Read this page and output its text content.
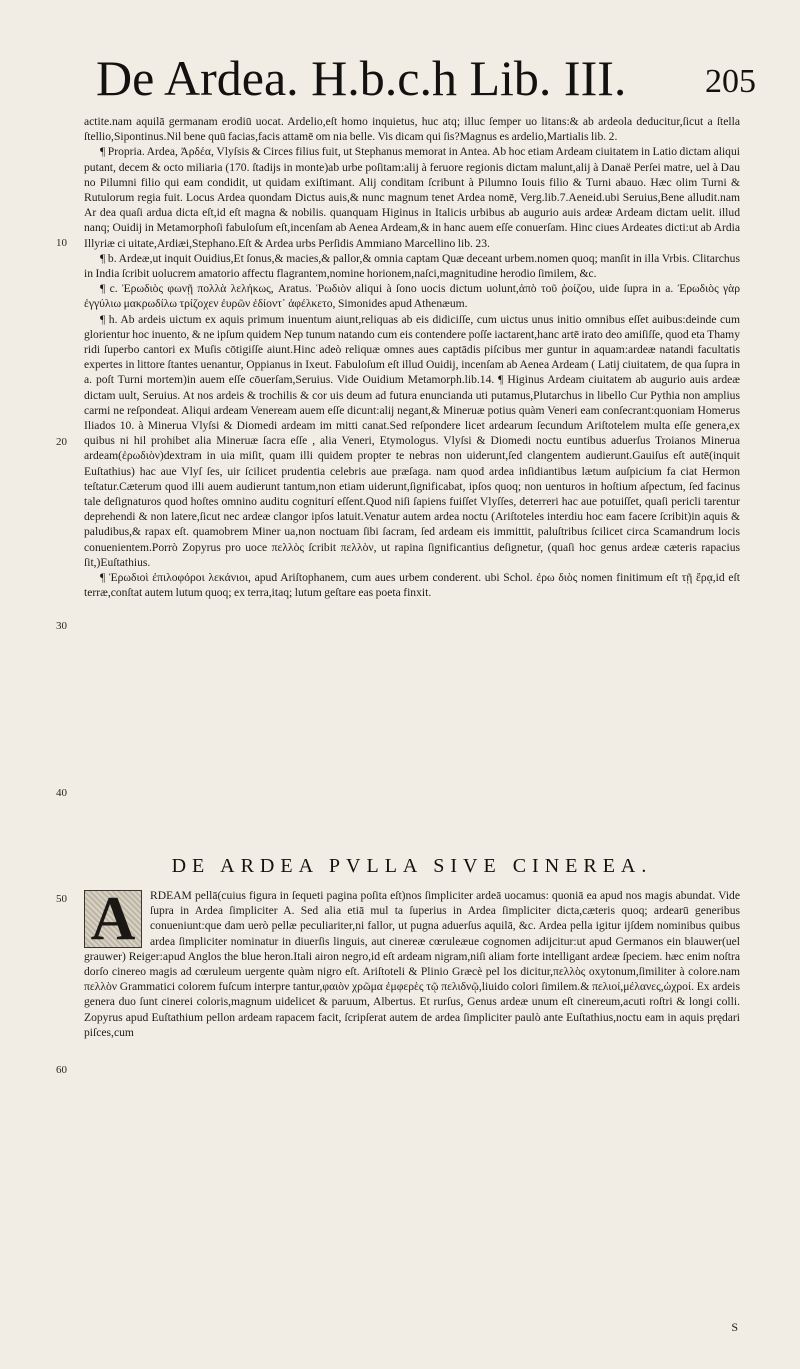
De Ardea. H.b.c.h Lib. III. 205
10
20
30
40
50
60

actite.nam aquilā germanam erodiū uocat. Ardelio,eſt homo inquietus, huc atq; illuc ſemper uo litans:& ab ardeola deducitur,ſicut a ſtella ſtellio,Sipontinus.Nil bene quū facias,facis attamē om nia belle. Vis dicam qui ſis?Magnus es ardelio,Martialis lib. 2.

¶ Propria. Ardea, Ἀρδέα, Vlyſsis & Circes filius fuit, ut Stephanus memorat in Antea. Ab hoc etiam Ardeam ciuitatem in Latio dictam aliqui putant, decem & octo miliaria (170. ſtadijs in monte)ab urbe poſitam:alij à feruore regionis dictam malunt,alij à Danaë Perſei matre, uel à Dau no Pilumni filio qui eam condidit, ut quidam exiſtimant. Alij conditam ſcribunt à Pilumno Iouis filio & Turni abauo. Hæc olim Turni & Rutulorum regia fuit. Locus Ardea quondam Dictus auis,& nunc magnum tenet Ardea nomē, Verg.lib.7.Aeneid.ubi Seruius,Bene alludit.nam Ar dea quaſi ardua dicta eſt,id eſt magna & nobilis. quanquam Higinus in Italicis urbibus ab augurio auis ardeæ Ardeam dictam uelit. illud nanq; Ouidij in Metamorphoſi fabuloſum eſt,incenſam ab Aenea Ardeam,& in hanc auem eſſe conuerſam. Hinc ciues Ardeates dicti:ut ab Ardia Illyriæ ci uitate,Ardiæi,Stephano.Eſt & Ardea urbs Perſidis Ammiano Marcellino lib. 23.

¶ b. Ardeæ,ut inquit Ouidius,Et ſonus,& macies,& pallor,& omnia captam Quæ deceant urbem.nomen quoq; manſit in illa Vrbis. Clitarchus in India ſcribit uolucrem amatorio affectu flagrantem,nomine horionem,naſci,magnitudine herodio ſimilem, &c.

¶ c. Ἐρωδιὸς φωνῇ πολλὰ λελήκως, Aratus. Ῥωδιὸν aliqui à ſono uocis dictum uolunt,ἀπὸ τοῦ ῥοίζου, uide ſupra in a. Ἐρωδιὸς γὰρ ἐγγύλιω μακρωδίλω τρίζοχεν ἐυρῶν ἐδίοντ᾽ ἀφέλκετο, Simonides apud Athenæum.

¶ h. Ab ardeis uictum ex aquis primum inuentum aiunt,reliquas ab eis didiciſſe, cum uictus unus initio omnibus eſſet auibus:deinde cum glorientur hoc inuento, & ne ipſum quidem Nep tunum natando cum eis contendere poſſe iactarent,hanc artē irato deo amiſiſſe, quod eta Thamy ridi ſuperbo cantori ex Muſis cōtigiſſe aiunt.Hinc adeò reliquæ omnes aues captādis piſcibus mer guntur in aquam:ardeæ natandi facultatis expertes in littore ſtantes uenantur, Oppianus in Ixeut. Fabuloſum eſt illud Ouidij, incenſam ab Aenea Ardeam ( Latij ciuitatem, de qua ſupra in a. poſt Turni mortem)in auem eſſe cōuerſam,Seruius. Vide Ouidium Metamorph.lib.14. ¶ Higinus Ardeam ciuitatem ab augurio auis ardeæ dictam uult, Seruius. At nos ardeis & trochilis & cor uis deum ad futura enuncianda uti putamus,Plutarchus in libello Cur Pythia non amplius carmi ne reſpondeat. Aliqui ardeam Veneream auem eſſe dicunt:alij negant,& Mineruæ potius quàm Veneri eam conſecrant:quoniam Homerus Iliados 10. à Minerua Vlyſsi & Diomedi ardeam im mitti canat.Sed reſpondere licet ardearum ſecundum Ariſtotelem multa eſſe genera,ex quibus ni hil prohibet alia Mineruæ ſacra eſſe , alia Veneri, Etymologus. Vlyſsi & Diomedi noctu euntibus aduerſus Troianos Minerua ardeam(ἐρωδιὸν)dextram in uia miſit, quam illi quidem propter te nebras non uiderunt,ſed clangentem audierunt.Gauiſus eſt autē(inquit Euſtathius) hac aue Vlyſ ſes, uir ſcilicet prudentia celebris aue præſaga. nam quod ardea inſidiantibus lætum auſpicium fa ciat Hermon teſtatur.Cæterum quod illi auem audierunt tantum,non etiam uiderunt,ſignificabat, ipſos quoq; non uenturos in hoſtium aſpectum, ſed facinus tale deſignaturos quod hoſtes omnino auditu cogniturí eſſent.Quod niſi ſapiens fuiſſet Vlyſſes, deterreri hac aue potuiſſet, quaſi pericli tarentur deprehendi & non latere,ſicut nec ardeæ clangor ipſos latuit.Venatur autem ardea noctu (Ariſtoteles interdiu hoc eam facere ſcribit)in aquis & paludibus,& rapax eſt. quamobrem Miner ua,non noctuam ſibi ſacram, ſed ardeam eis immittit, paluſtribus ſcilicet circa Scamandrum locis conuenientem.Porrò Zopyrus pro uoce πελλὸς ſcribit πελλὸν, ut rapina ſignificantius deſignetur, (quaſi hoc genus ardeæ cæteris rapacius ſit,)Euſtathius.

¶ Ἐρωδιοὶ ἐπιλοφόροι λεκάνιοι, apud Ariſtophanem, cum aues urbem conderent. ubi Schol. ἐρω διὸς nomen finitimum eſt τῇ ἔρᾳ,id eſt terræ,conſtat autem lutum quoq; ex terra,itaq; lutum geſtare eas poeta finxit.

DE ARDEA PVLLA SIVE CINEREA.
A	RDEAM pellā(cuius figura in ſequeti pagina poſita eſt)nos ſimpliciter ardeā uocamus: quoniā ea apud nos magis abundat. Vide ſupra in Ardea ſimpliciter A. Sed alia etiā mul ta ſuperius in Ardea ſimpliciter dicta,cæteris quoq; ardearū generibus conueniunt:que dam uerò pellæ peculiariter,ni fallor, ut pugna aduerſus aquilā, &c. Ardea pella igitur ijſdem nominibus quibus ardea ſimpliciter nominatur in diuerſis linguis, aut cinereæ cœruleæue cognomen adijcitur:ut apud Germanos ein blauwer(uel grauwer) Reiger:apud Anglos the blue heron.Itali airon negro,id eſt ardeam nigram,niſi aliam forte intelligant ardeæ ſpeciem. hæc enim noſtra dorſo cinereo magis ad cœruleum uergente quàm nigro eſt. Ariſtoteli & Plinio Græcè pel los dicitur,πελλὸς oxytonum,ſimiliter à colore.nam πελλὸν Grammatici colorem fuſcum interpre tantur,φαιὸν χρῶμα ἐμφερὲς τῷ πελιδνῷ,liuido colori ſimilem.& πελιοί,μέλανες,ὠχροί. Ex ardeis genera duo ſunt cinerei coloris,magnum uidelicet & paruum, Albertus. Et rurſus, Genus ardeæ unum eſt cinereum,acuti roſtri & longi colli. Zopyrus apud Euſtathium pellon ardeam rapacem facit, ſcripſerat autem de ardea ſimpliciter paulò ante Euſtathius,noctu eam in aquis prędari piſces,cum

S
